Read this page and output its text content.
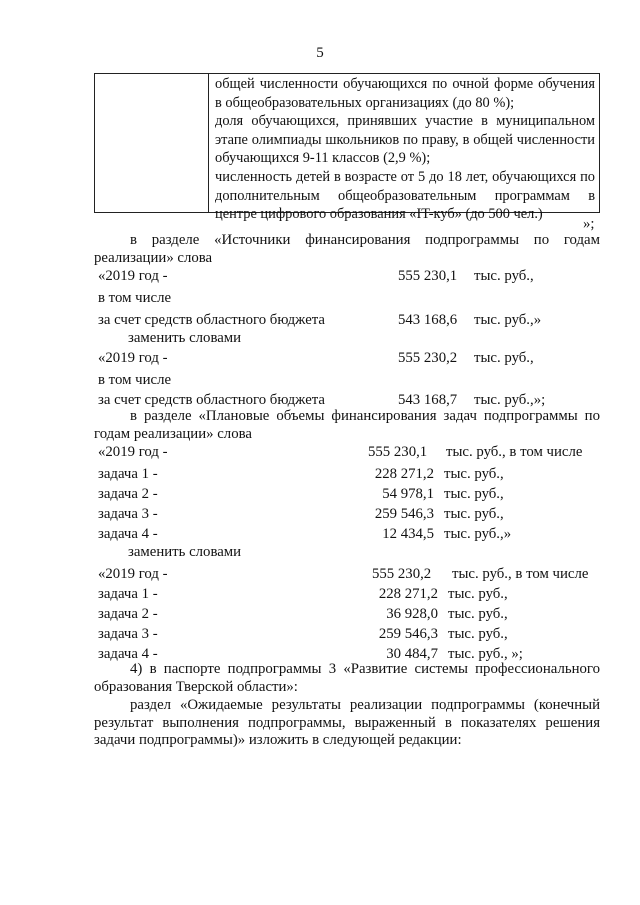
5

общей численности обучающихся по очной форме обучения в общеобразовательных организациях (до 80 %);

доля обучающихся, принявших участие в муниципальном этапе олимпиады школьников по праву, в общей численности обучающихся 9-11 классов (2,9 %);

численность детей в возрасте от 5 до 18 лет, обучающихся по дополнительным общеобразовательным программам в центре цифрового образования «IT-куб» (до 500 чел.)

»;
в разделе «Источники финансирования подпрограммы по годам реализации» слова
«2019 год -	555 230,1 тыс. руб.,
в том числе
за счет средств областного бюджета	543 168,6 тыс. руб.,»
заменить словами
«2019 год -	555 230,2 тыс. руб.,
в том числе
за счет средств областного бюджета	543 168,7 тыс. руб.,»;
в разделе «Плановые объемы финансирования задач подпрограммы по годам реализации» слова
«2019 год -	555 230,1 тыс. руб., в том числе
задача 1 -	228 271,2 тыс. руб.,
задача 2 -	54 978,1 тыс. руб.,
задача 3 -	259 546,3 тыс. руб.,
задача 4 -	12 434,5 тыс. руб.,»
заменить словами
«2019 год -	555 230,2 тыс. руб., в том числе
задача 1 -	228 271,2 тыс. руб.,
задача 2 -	36 928,0 тыс. руб.,
задача 3 -	259 546,3 тыс. руб.,
задача 4 -	30 484,7 тыс. руб., »;
4) в паспорте подпрограммы 3 «Развитие системы профессионального образования Тверской области»:
раздел «Ожидаемые результаты реализации подпрограммы (конечный результат выполнения подпрограммы, выраженный в показателях решения задачи подпрограммы)» изложить в следующей редакции:
